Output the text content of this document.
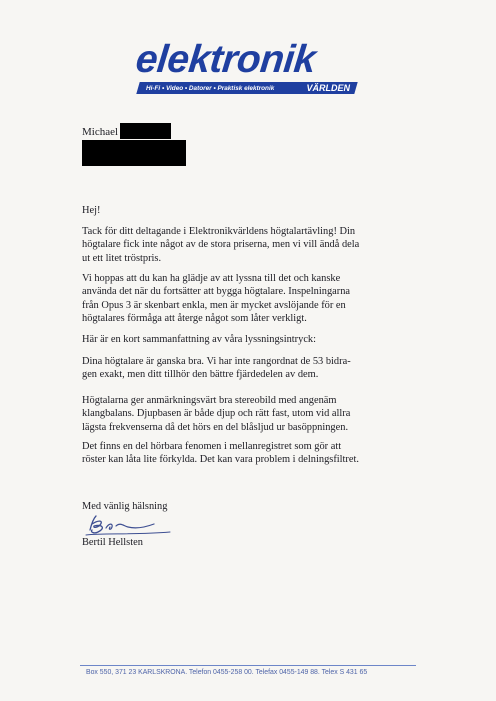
elektronik
Hi-Fi • Video • Datorer • Praktisk elektronik	VÄRLDEN
Michael
Hej!
Tack för ditt deltagande i Elektronikvärldens högtalartävling! Din
högtalare fick inte något av de stora priserna, men vi vill ändå dela
ut ett litet tröstpris.
Vi hoppas att du kan ha glädje av att lyssna till det och kanske
använda det när du fortsätter att bygga högtalare. Inspelningarna
från Opus 3 är skenbart enkla, men är mycket avslöjande för en
högtalares förmåga att återge något som låter verkligt.
Här är en kort sammanfattning av våra lyssningsintryck:
Dina högtalare är ganska bra. Vi har inte rangordnat de 53 bidra-
gen exakt, men ditt tillhör den bättre fjärdedelen av dem.
Högtalarna ger anmärkningsvärt bra stereobild med angenäm
klangbalans. Djupbasen är både djup och rätt fast, utom vid allra
lägsta frekvenserna då det hörs en del blåsljud ur basöppningen.
Det finns en del hörbara fenomen i mellanregistret som gör att
röster kan låta lite förkylda. Det kan vara problem i delningsfiltret.
Med vänlig hälsning
Bertil Hellsten
Box 550, 371 23 KARLSKRONA. Telefon 0455-258 00. Telefax 0455-149 88. Telex S 431 65
